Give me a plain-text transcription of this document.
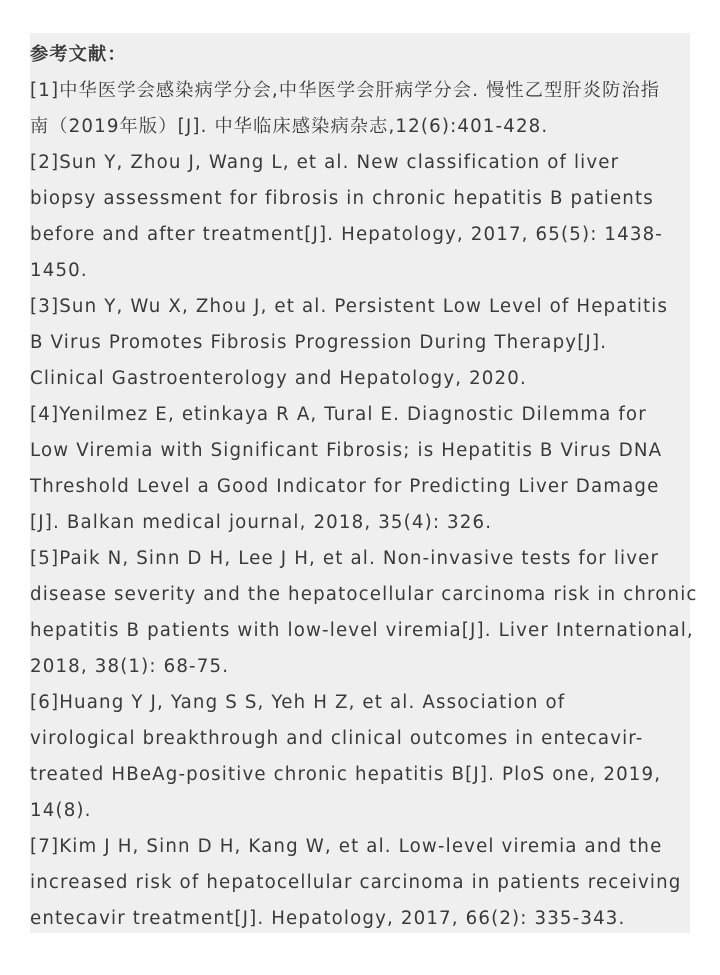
参考文献：
[1]中华医学会感染病学分会,中华医学会肝病学分会. 慢性乙型肝炎防治指
南（2019年版）[J]. 中华临床感染病杂志,12(6):401-428.
[2]Sun Y, Zhou J, Wang L, et al. New classification of liver
biopsy assessment for fibrosis in chronic hepatitis B patients
before and after treatment[J]. Hepatology, 2017, 65(5): 1438-
1450.
[3]Sun Y, Wu X, Zhou J, et al. Persistent Low Level of Hepatitis
B Virus Promotes Fibrosis Progression During Therapy[J].
Clinical Gastroenterology and Hepatology, 2020.
[4]Yenilmez E, etinkaya R A, Tural E. Diagnostic Dilemma for
Low Viremia with Significant Fibrosis; is Hepatitis B Virus DNA
Threshold Level a Good Indicator for Predicting Liver Damage
[J]. Balkan medical journal, 2018, 35(4): 326.
[5]Paik N, Sinn D H, Lee J H, et al. Non-invasive tests for liver
disease severity and the hepatocellular carcinoma risk in chronic
hepatitis B patients with low-level viremia[J]. Liver International,
2018, 38(1): 68-75.
[6]Huang Y J, Yang S S, Yeh H Z, et al. Association of
virological breakthrough and clinical outcomes in entecavir-
treated HBeAg-positive chronic hepatitis B[J]. PloS one, 2019,
14(8).
[7]Kim J H, Sinn D H, Kang W, et al. Low-level viremia and the
increased risk of hepatocellular carcinoma in patients receiving
entecavir treatment[J]. Hepatology, 2017, 66(2): 335-343.
